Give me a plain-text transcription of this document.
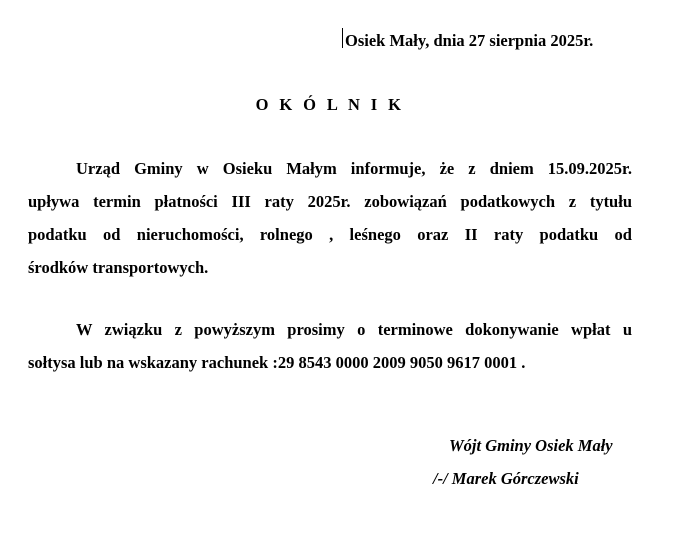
Osiek Mały, dnia 27 sierpnia 2025r.
O K Ó L N I K
Urząd Gminy w Osieku Małym informuje, że z dniem 15.09.2025r.
upływa termin płatności III raty 2025r. zobowiązań podatkowych z tytułu
podatku od nieruchomości, rolnego , leśnego oraz II raty podatku od
środków transportowych.
W związku z powyższym prosimy o terminowe dokonywanie wpłat u
sołtysa lub na wskazany rachunek :29 8543 0000 2009 9050 9617 0001 .
Wójt Gminy Osiek Mały
/-/ Marek Górczewski
